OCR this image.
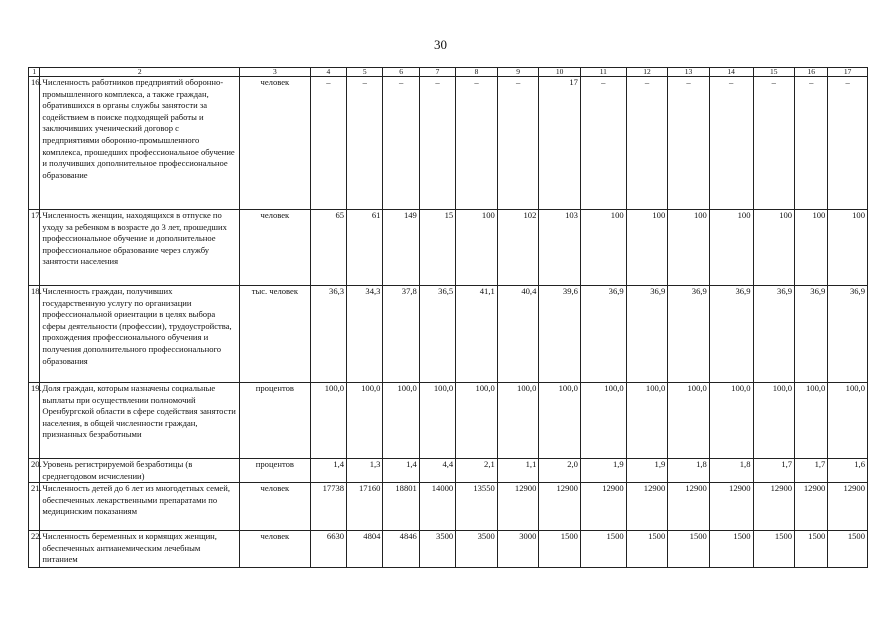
30
1	2	3	4	5	6	7	8	9	10	11	12	13	14	15	16	17
16.	Численность работников предприятий оборонно-промышленного комплекса, а также граждан, обратившихся в органы службы занятости за содействием в поиске подходящей работы и заключивших ученический договор с предприятиями оборонно-промышленного комплекса, прошедших профессиональное обучение и получивших дополнительное профессиональное образование	человек	–	–	–	–	–	–	17	–	–	–	–	–	–	–
17.	Численность женщин, находящихся в отпуске по уходу за ребенком в возрасте до 3 лет, прошедших профессиональное обучение и дополнительное профессиональное образование через службу занятости населения	человек	65	61	149	15	100	102	103	100	100	100	100	100	100	100
18.	Численность граждан, получивших государственную услугу по организации профессиональной ориентации в целях выбора сферы деятельности (профессии), трудоустройства, прохождения профессионального обучения и получения дополнительного профессионального образования	тыс. человек	36,3	34,3	37,8	36,5	41,1	40,4	39,6	36,9	36,9	36,9	36,9	36,9	36,9	36,9
19.	Доля граждан, которым назначены социальные выплаты при осуществлении полномочий Оренбургской области в сфере содействия занятости населения, в общей численности граждан, признанных безработными	процентов	100,0	100,0	100,0	100,0	100,0	100,0	100,0	100,0	100,0	100,0	100,0	100,0	100,0	100,0
20.	Уровень регистрируемой безработицы (в среднегодовом исчислении)	процентов	1,4	1,3	1,4	4,4	2,1	1,1	2,0	1,9	1,9	1,8	1,8	1,7	1,7	1,6
21.	Численность детей до 6 лет из многодетных семей, обеспеченных лекарственными препаратами по медицинским показаниям	человек	17738	17160	18801	14000	13550	12900	12900	12900	12900	12900	12900	12900	12900	12900
22.	Численность беременных и кормящих женщин, обеспеченных антианемическим лечебным питанием	человек	6630	4804	4846	3500	3500	3000	1500	1500	1500	1500	1500	1500	1500	1500
